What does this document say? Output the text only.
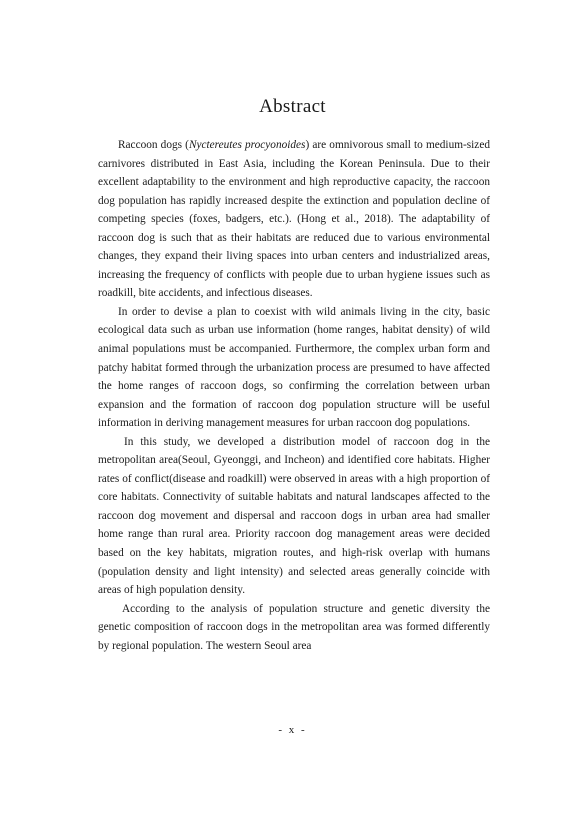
Abstract

Raccoon dogs (Nyctereutes procyonoides) are omnivorous small to medium-sized carnivores distributed in East Asia, including the Korean Peninsula. Due to their excellent adaptability to the environment and high reproductive capacity, the raccoon dog population has rapidly increased despite the extinction and population decline of competing species (foxes, badgers, etc.). (Hong et al., 2018). The adaptability of raccoon dog is such that as their habitats are reduced due to various environmental changes, they expand their living spaces into urban centers and industrialized areas, increasing the frequency of conflicts with people due to urban hygiene issues such as roadkill, bite accidents, and infectious diseases.

In order to devise a plan to coexist with wild animals living in the city, basic ecological data such as urban use information (home ranges, habitat density) of wild animal populations must be accompanied. Furthermore, the complex urban form and patchy habitat formed through the urbanization process are presumed to have affected the home ranges of raccoon dogs, so confirming the correlation between urban expansion and the formation of raccoon dog population structure will be useful information in deriving management measures for urban raccoon dog populations.

In this study, we developed a distribution model of raccoon dog in the metropolitan area(Seoul, Gyeonggi, and Incheon) and identified core habitats. Higher rates of conflict(disease and roadkill) were observed in areas with a high proportion of core habitats. Connectivity of suitable habitats and natural landscapes affected to the raccoon dog movement and dispersal and raccoon dogs in urban area had smaller home range than rural area. Priority raccoon dog management areas were decided based on the key habitats, migration routes, and high-risk overlap with humans (population density and light intensity) and selected areas generally coincide with areas of high population density.

According to the analysis of population structure and genetic diversity the genetic composition of raccoon dogs in the metropolitan area was formed differently by regional population. The western Seoul area

- x -
